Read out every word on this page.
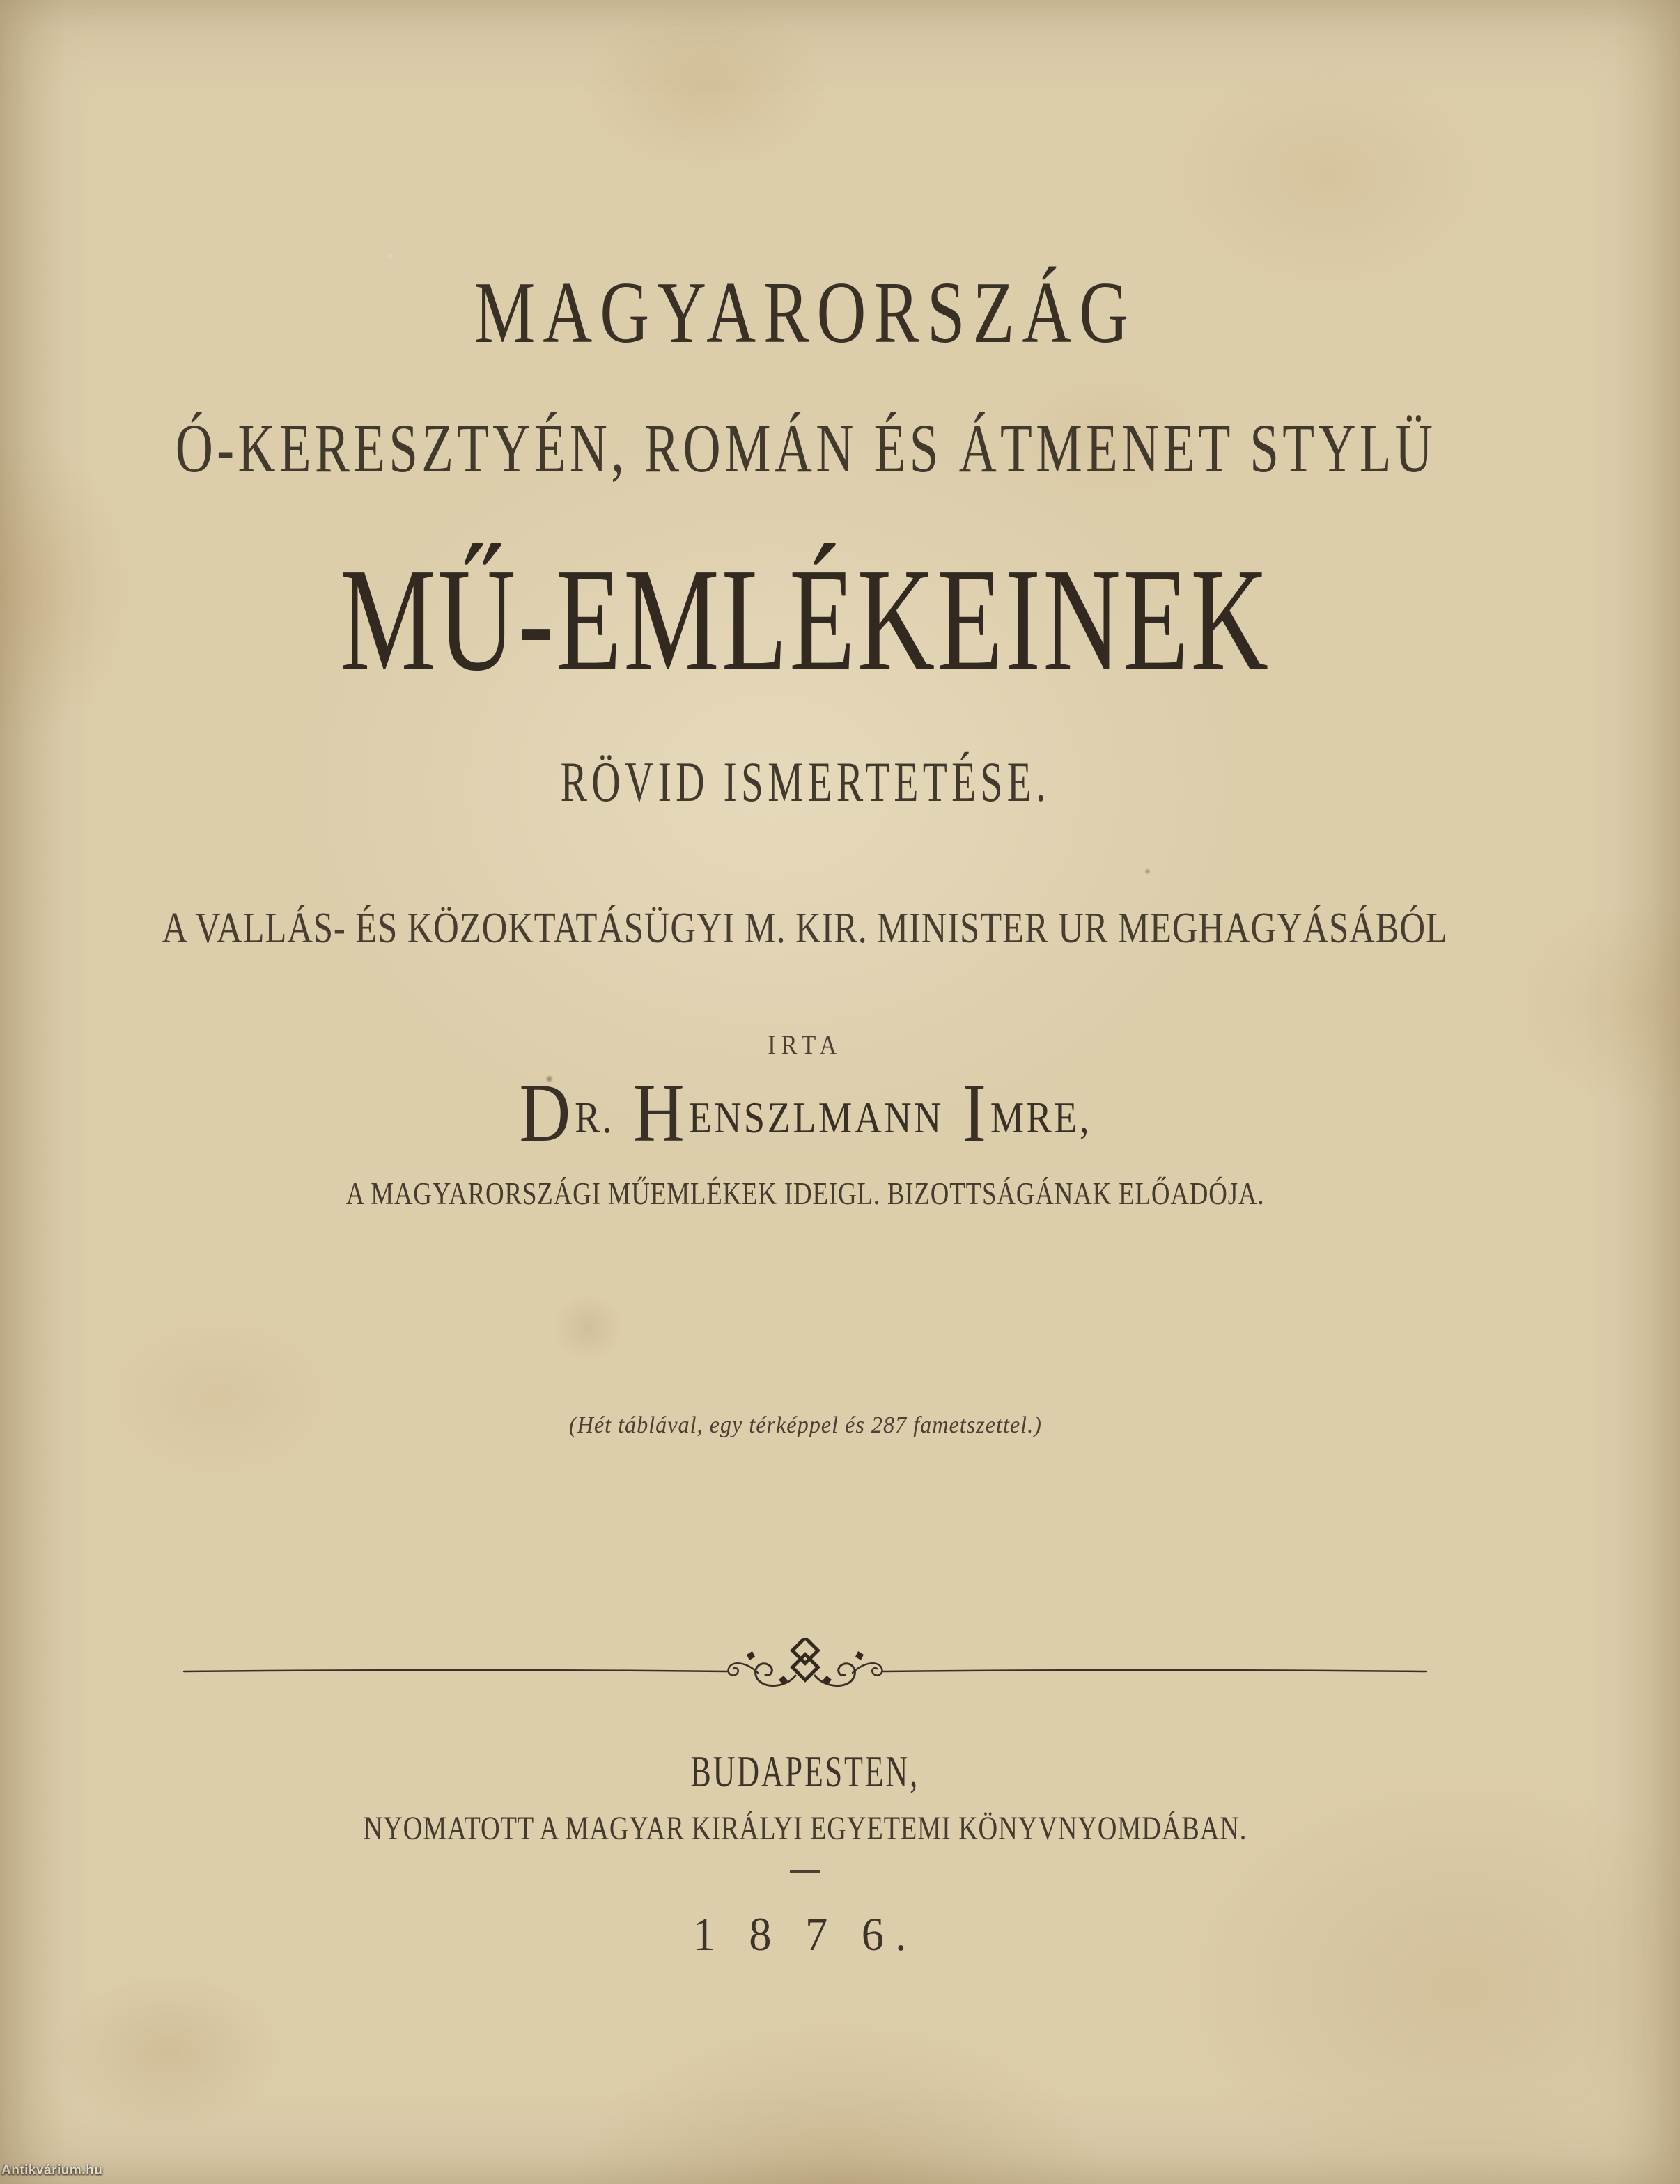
MAGYARORSZÁG
Ó-KERESZTYÉN, ROMÁN ÉS ÁTMENET STYLÜ
MŰ-EMLÉKEINEK
RÖVID ISMERTETÉSE.
A VALLÁS- ÉS KÖZOKTATÁSÜGYI M. KIR. MINISTER UR MEGHAGYÁSÁBÓL
IRTA
DR. HENSZLMANN IMRE,
A MAGYARORSZÁGI MŰEMLÉKEK IDEIGL. BIZOTTSÁGÁNAK ELŐADÓJA.
(Hét táblával, egy térképpel és 287 fametszettel.)
BUDAPESTEN,
NYOMATOTT A MAGYAR KIRÁLYI EGYETEMI KÖNYVNYOMDÁBAN.
1 8 7 6.
Antikvárium.hu
